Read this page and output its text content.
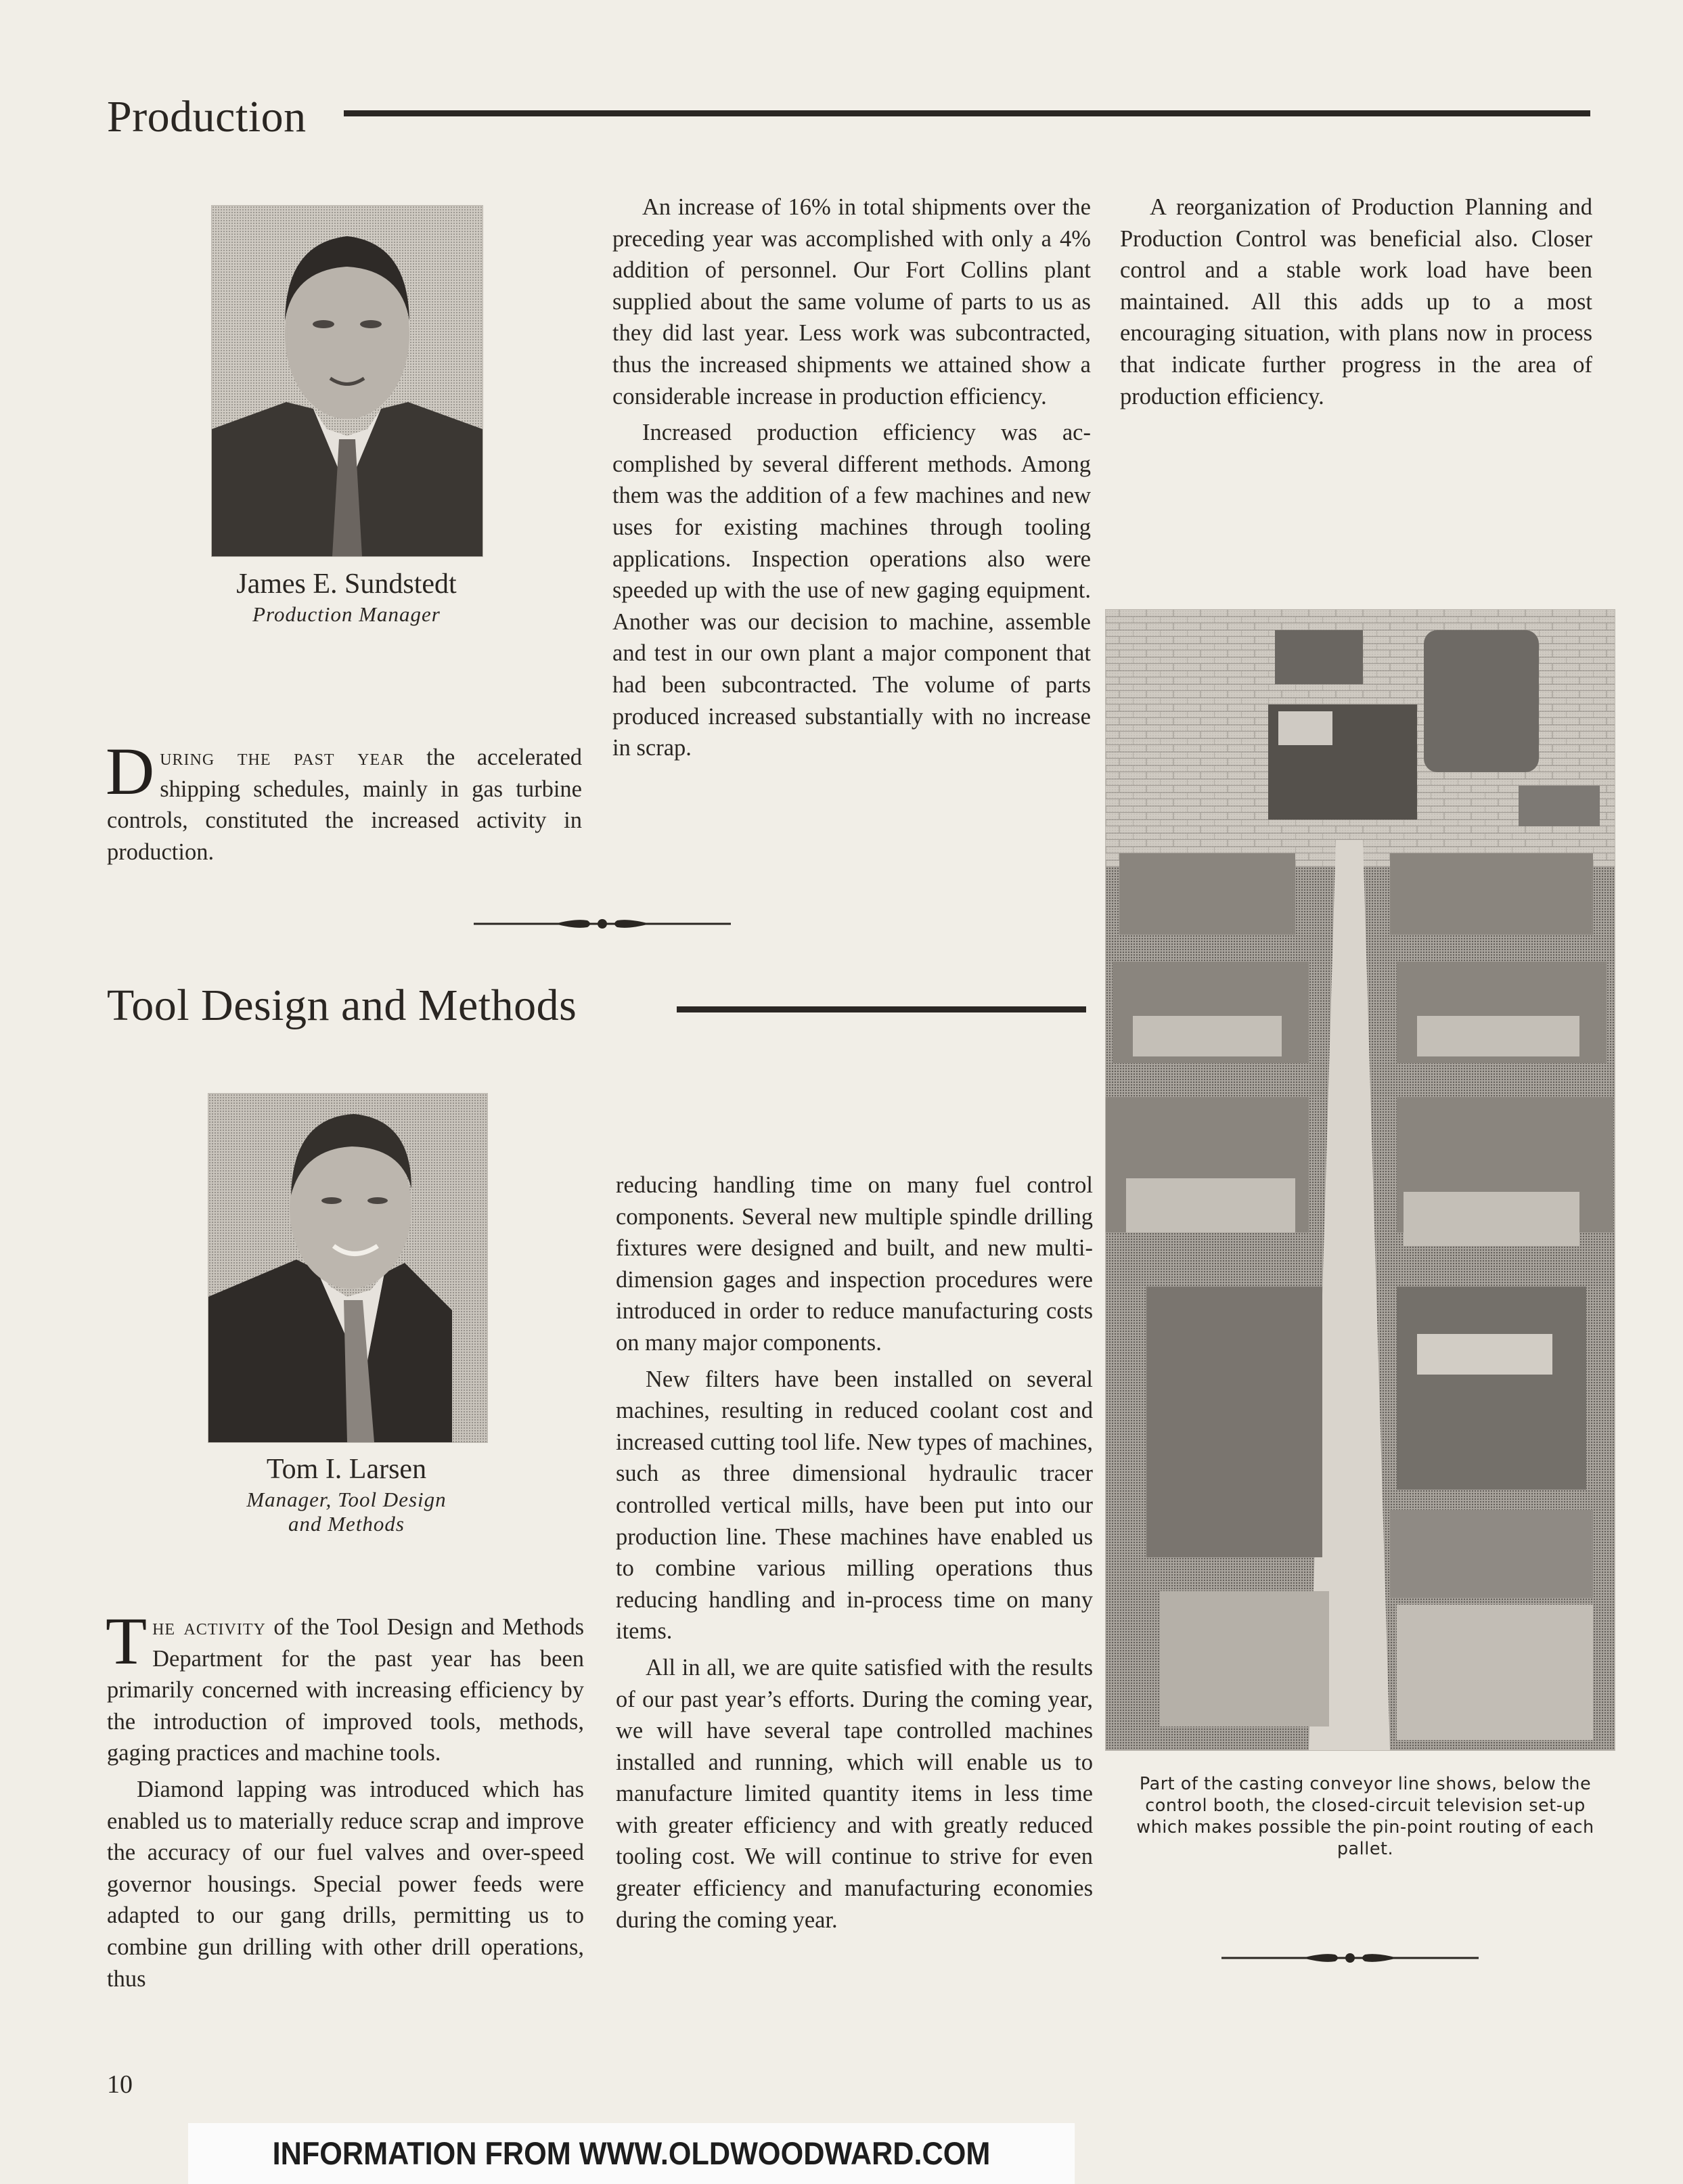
Production
James E. Sundstedt
Production Manager

During the past year the accelerated shipping schedules, mainly in gas turbine controls, constituted the increased activity in production.

An increase of 16% in total shipments over the preceding year was accomplished with only a 4% addition of personnel. Our Fort Collins plant supplied about the same volume of parts to us as they did last year. Less work was subcontracted, thus the increased shipments we attained show a considerable increase in production efficiency.

Increased production efficiency was accomplished by several different methods. Among them was the addition of a few machines and new uses for existing machines through tooling applications. Inspection operations also were speeded up with the use of new gaging equipment. Another was our decision to machine, assemble and test in our own plant a major component that had been subcontracted. The volume of parts produced increased substantially with no increase in scrap.

A reorganization of Production Planning and Production Control was beneficial also. Closer control and a stable work load have been maintained. All this adds up to a most encouraging situation, with plans now in process that indicate further progress in the area of production efficiency.

Tool Design and Methods
Tom I. Larsen
Manager, Tool Design
and Methods

The activity of the Tool Design and Methods Department for the past year has been primarily concerned with increasing efficiency by the introduction of improved tools, methods, gaging practices and machine tools.

Diamond lapping was introduced which has enabled us to materially reduce scrap and improve the accuracy of our fuel valves and over-speed governor housings. Special power feeds were adapted to our gang drills, permitting us to combine gun drilling with other drill operations, thus

reducing handling time on many fuel control components. Several new multiple spindle drilling fixtures were designed and built, and new multi-dimension gages and inspection procedures were introduced in order to reduce manufacturing costs on many major components.

New filters have been installed on several machines, resulting in reduced coolant cost and increased cutting tool life. New types of machines, such as three dimensional hydraulic tracer controlled vertical mills, have been put into our production line. These machines have enabled us to combine various milling operations thus reducing handling and in-process time on many items.

All in all, we are quite satisfied with the results of our past year’s efforts. During the coming year, we will have several tape controlled machines installed and running, which will enable us to manufacture limited quantity items in less time with greater efficiency and with greatly reduced tooling cost. We will continue to strive for even greater efficiency and manufacturing economies during the coming year.

Part of the casting conveyor line shows, below the control booth, the closed-circuit television set-up which makes possible the pin-point routing of each pallet.
10
INFORMATION FROM WWW.OLDWOODWARD.COM
